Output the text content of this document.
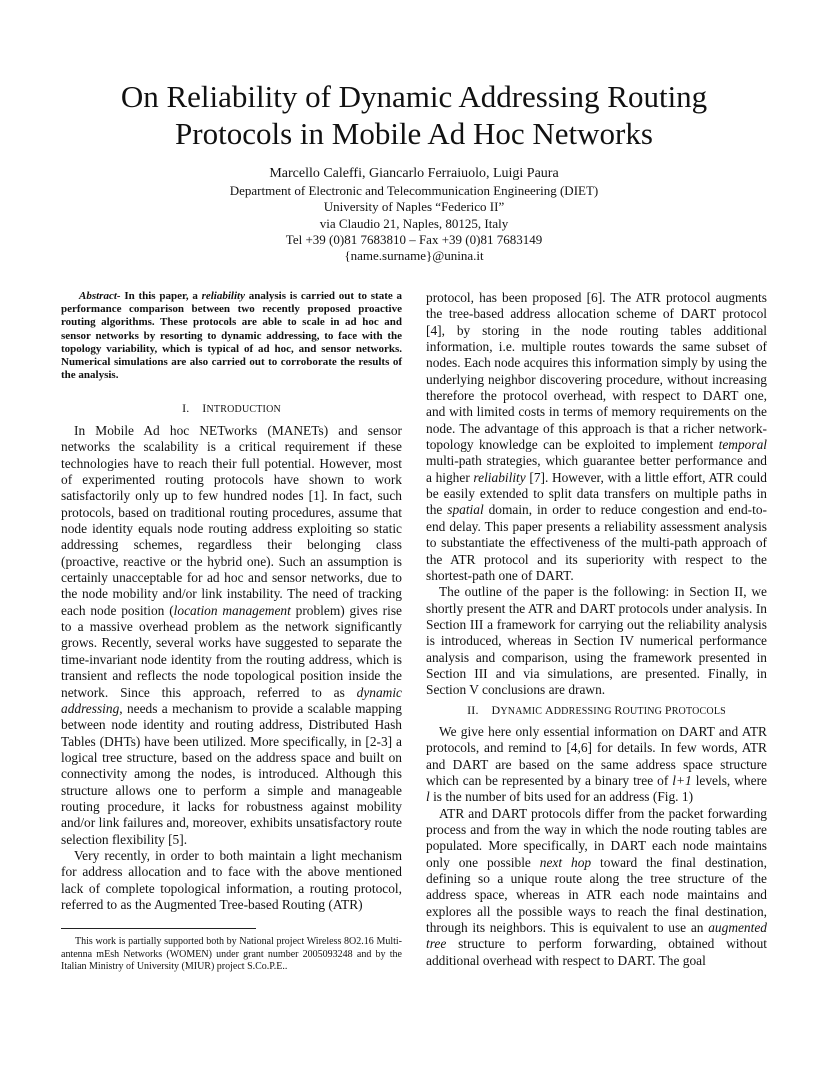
On Reliability of Dynamic Addressing Routing
Protocols in Mobile Ad Hoc Networks
Marcello Caleffi, Giancarlo Ferraiuolo, Luigi Paura
Department of Electronic and Telecommunication Engineering (DIET)
University of Naples “Federico II”
via Claudio 21, Naples, 80125, Italy
Tel +39 (0)81 7683810 – Fax +39 (0)81 7683149
{name.surname}@unina.it

Abstract- In this paper, a reliability analysis is carried out to state a performance comparison between two recently proposed proactive routing algorithms. These protocols are able to scale in ad hoc and sensor networks by resorting to dynamic addressing, to face with the topology variability, which is typical of ad hoc, and sensor networks. Numerical simulations are also carried out to corroborate the results of the analysis.

I. INTRODUCTION

In Mobile Ad hoc NETworks (MANETs) and sensor networks the scalability is a critical requirement if these technologies have to reach their full potential. However, most of experimented routing protocols have shown to work satisfactorily only up to few hundred nodes [1]. In fact, such protocols, based on traditional routing procedures, assume that node identity equals node routing address exploiting so static addressing schemes, regardless their belonging class (proactive, reactive or the hybrid one). Such an assumption is certainly unacceptable for ad hoc and sensor networks, due to the node mobility and/or link instability. The need of tracking each node position (location management problem) gives rise to a massive overhead problem as the network significantly grows. Recently, several works have suggested to separate the time-invariant node identity from the routing address, which is transient and reflects the node topological position inside the network. Since this approach, referred to as dynamic addressing, needs a mechanism to provide a scalable mapping between node identity and routing address, Distributed Hash Tables (DHTs) have been utilized. More specifically, in [2-3] a logical tree structure, based on the address space and built on connectivity among the nodes, is introduced. Although this structure allows one to perform a simple and manageable routing procedure, it lacks for robustness against mobility and/or link failures and, moreover, exhibits unsatisfactory route selection flexibility [5].

Very recently, in order to both maintain a light mechanism for address allocation and to face with the above mentioned lack of complete topological information, a routing protocol, referred to as the Augmented Tree-based Routing (ATR)

This work is partially supported both by National project Wireless 8O2.16 Multi-antenna mEsh Networks (WOMEN) under grant number 2005093248 and by the Italian Ministry of University (MIUR) project S.Co.P.E..

protocol, has been proposed [6]. The ATR protocol augments the tree-based address allocation scheme of DART protocol [4], by storing in the node routing tables additional information, i.e. multiple routes towards the same subset of nodes. Each node acquires this information simply by using the underlying neighbor discovering procedure, without increasing therefore the protocol overhead, with respect to DART one, and with limited costs in terms of memory requirements on the node. The advantage of this approach is that a richer network-topology knowledge can be exploited to implement temporal multi-path strategies, which guarantee better performance and a higher reliability [7]. However, with a little effort, ATR could be easily extended to split data transfers on multiple paths in the spatial domain, in order to reduce congestion and end-to-end delay. This paper presents a reliability assessment analysis to substantiate the effectiveness of the multi-path approach of the ATR protocol and its superiority with respect to the shortest-path one of DART.

The outline of the paper is the following: in Section II, we shortly present the ATR and DART protocols under analysis. In Section III a framework for carrying out the reliability analysis is introduced, whereas in Section IV numerical performance analysis and comparison, using the framework presented in Section III and via simulations, are presented. Finally, in Section V conclusions are drawn.

II. DYNAMIC ADDRESSING ROUTING PROTOCOLS

We give here only essential information on DART and ATR protocols, and remind to [4,6] for details. In few words, ATR and DART are based on the same address space structure which can be represented by a binary tree of l+1 levels, where l is the number of bits used for an address (Fig. 1)

ATR and DART protocols differ from the packet forwarding process and from the way in which the node routing tables are populated. More specifically, in DART each node maintains only one possible next hop toward the final destination, defining so a unique route along the tree structure of the address space, whereas in ATR each node maintains and explores all the possible ways to reach the final destination, through its neighbors. This is equivalent to use an augmented tree structure to perform forwarding, obtained without additional overhead with respect to DART. The goal
